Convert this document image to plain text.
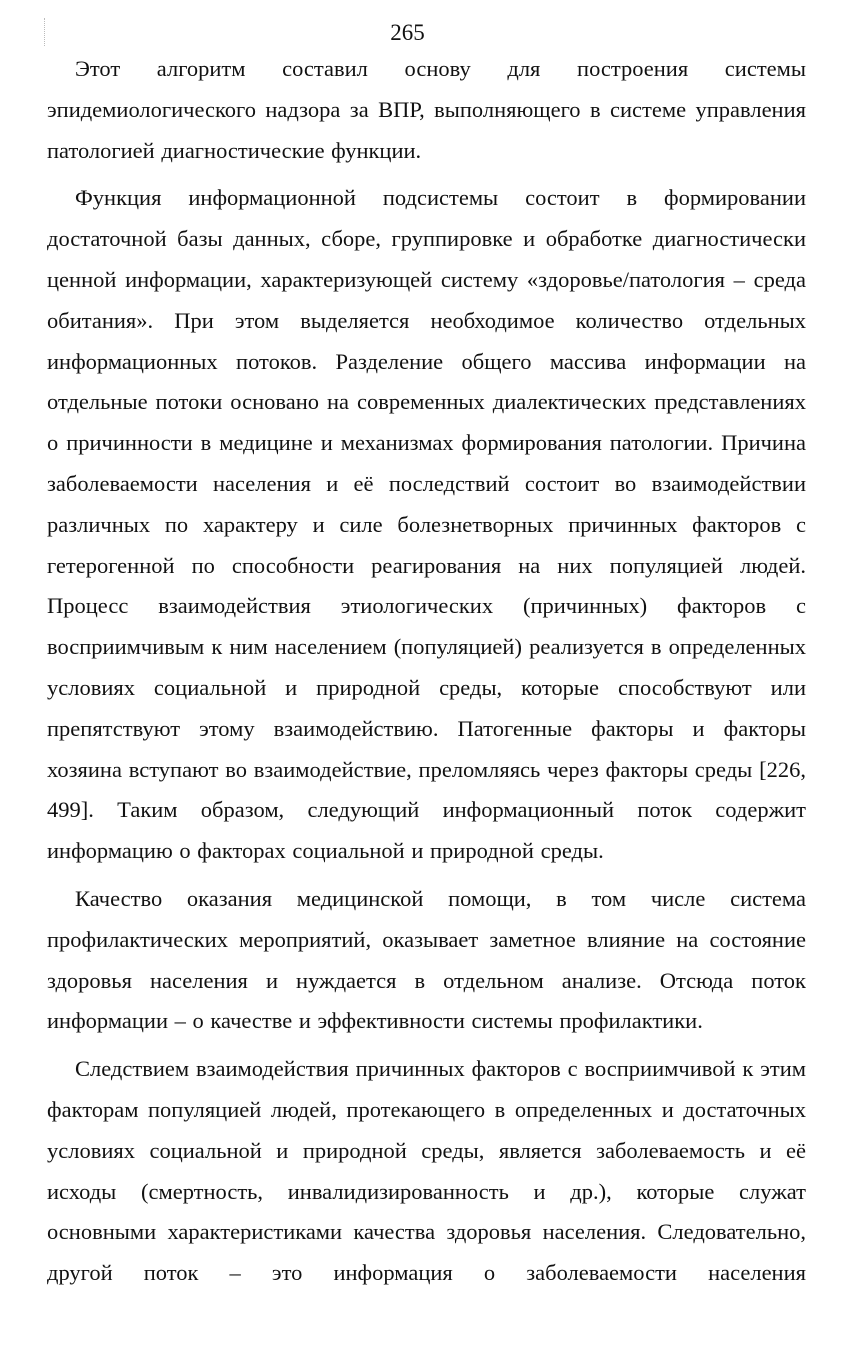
265

Этот алгоритм составил основу для построения системы эпидемиологического надзора за ВПР, выполняющего в системе управления патологией диагностические функции.

Функция информационной подсистемы состоит в формировании достаточной базы данных, сборе, группировке и обработке диагностически ценной информации, характеризующей систему «здоровье/патология – среда обитания». При этом выделяется необходимое количество отдельных информационных потоков. Разделение общего массива информации на отдельные потоки основано на современных диалектических представлениях о причинности в медицине и механизмах формирования патологии. Причина заболеваемости населения и её последствий состоит во взаимодействии различных по характеру и силе болезнетворных причинных факторов с гетерогенной по способности реагирования на них популяцией людей. Процесс взаимодействия этиологических (причинных) факторов с восприимчивым к ним населением (популяцией) реализуется в определенных условиях социальной и природной среды, которые способствуют или препятствуют этому взаимодействию. Патогенные факторы и факторы хозяина вступают во взаимодействие, преломляясь через факторы среды [226, 499]. Таким образом, следующий информационный поток содержит информацию о факторах социальной и природной среды.

Качество оказания медицинской помощи, в том числе система профилактических мероприятий, оказывает заметное влияние на состояние здоровья населения и нуждается в отдельном анализе. Отсюда поток информации – о качестве и эффективности системы профилактики.

Следствием взаимодействия причинных факторов с восприимчивой к этим факторам популяцией людей, протекающего в определенных и достаточных условиях социальной и природной среды, является заболеваемость и её исходы (смертность, инвалидизированность и др.), которые служат основными характеристиками качества здоровья населения. Следовательно, другой поток – это информация о заболеваемости населения
